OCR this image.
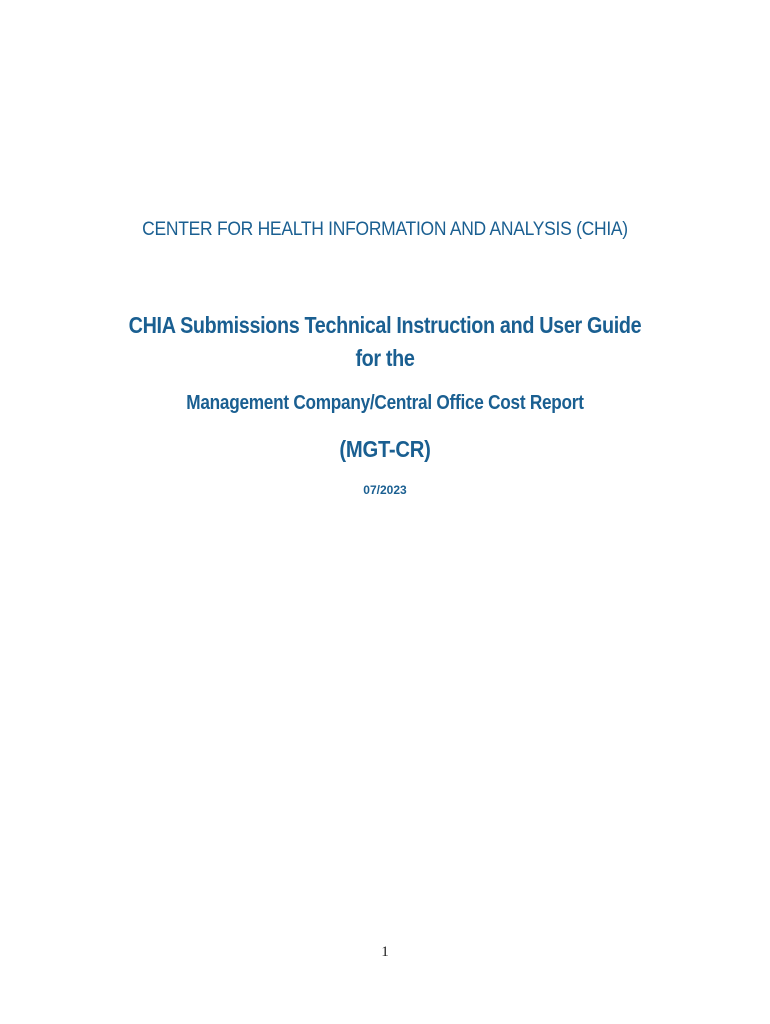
CENTER FOR HEALTH INFORMATION AND ANALYSIS (CHIA)
CHIA Submissions Technical Instruction and User Guide
for the
Management Company/Central Office Cost Report
(MGT-CR)
07/2023
1
